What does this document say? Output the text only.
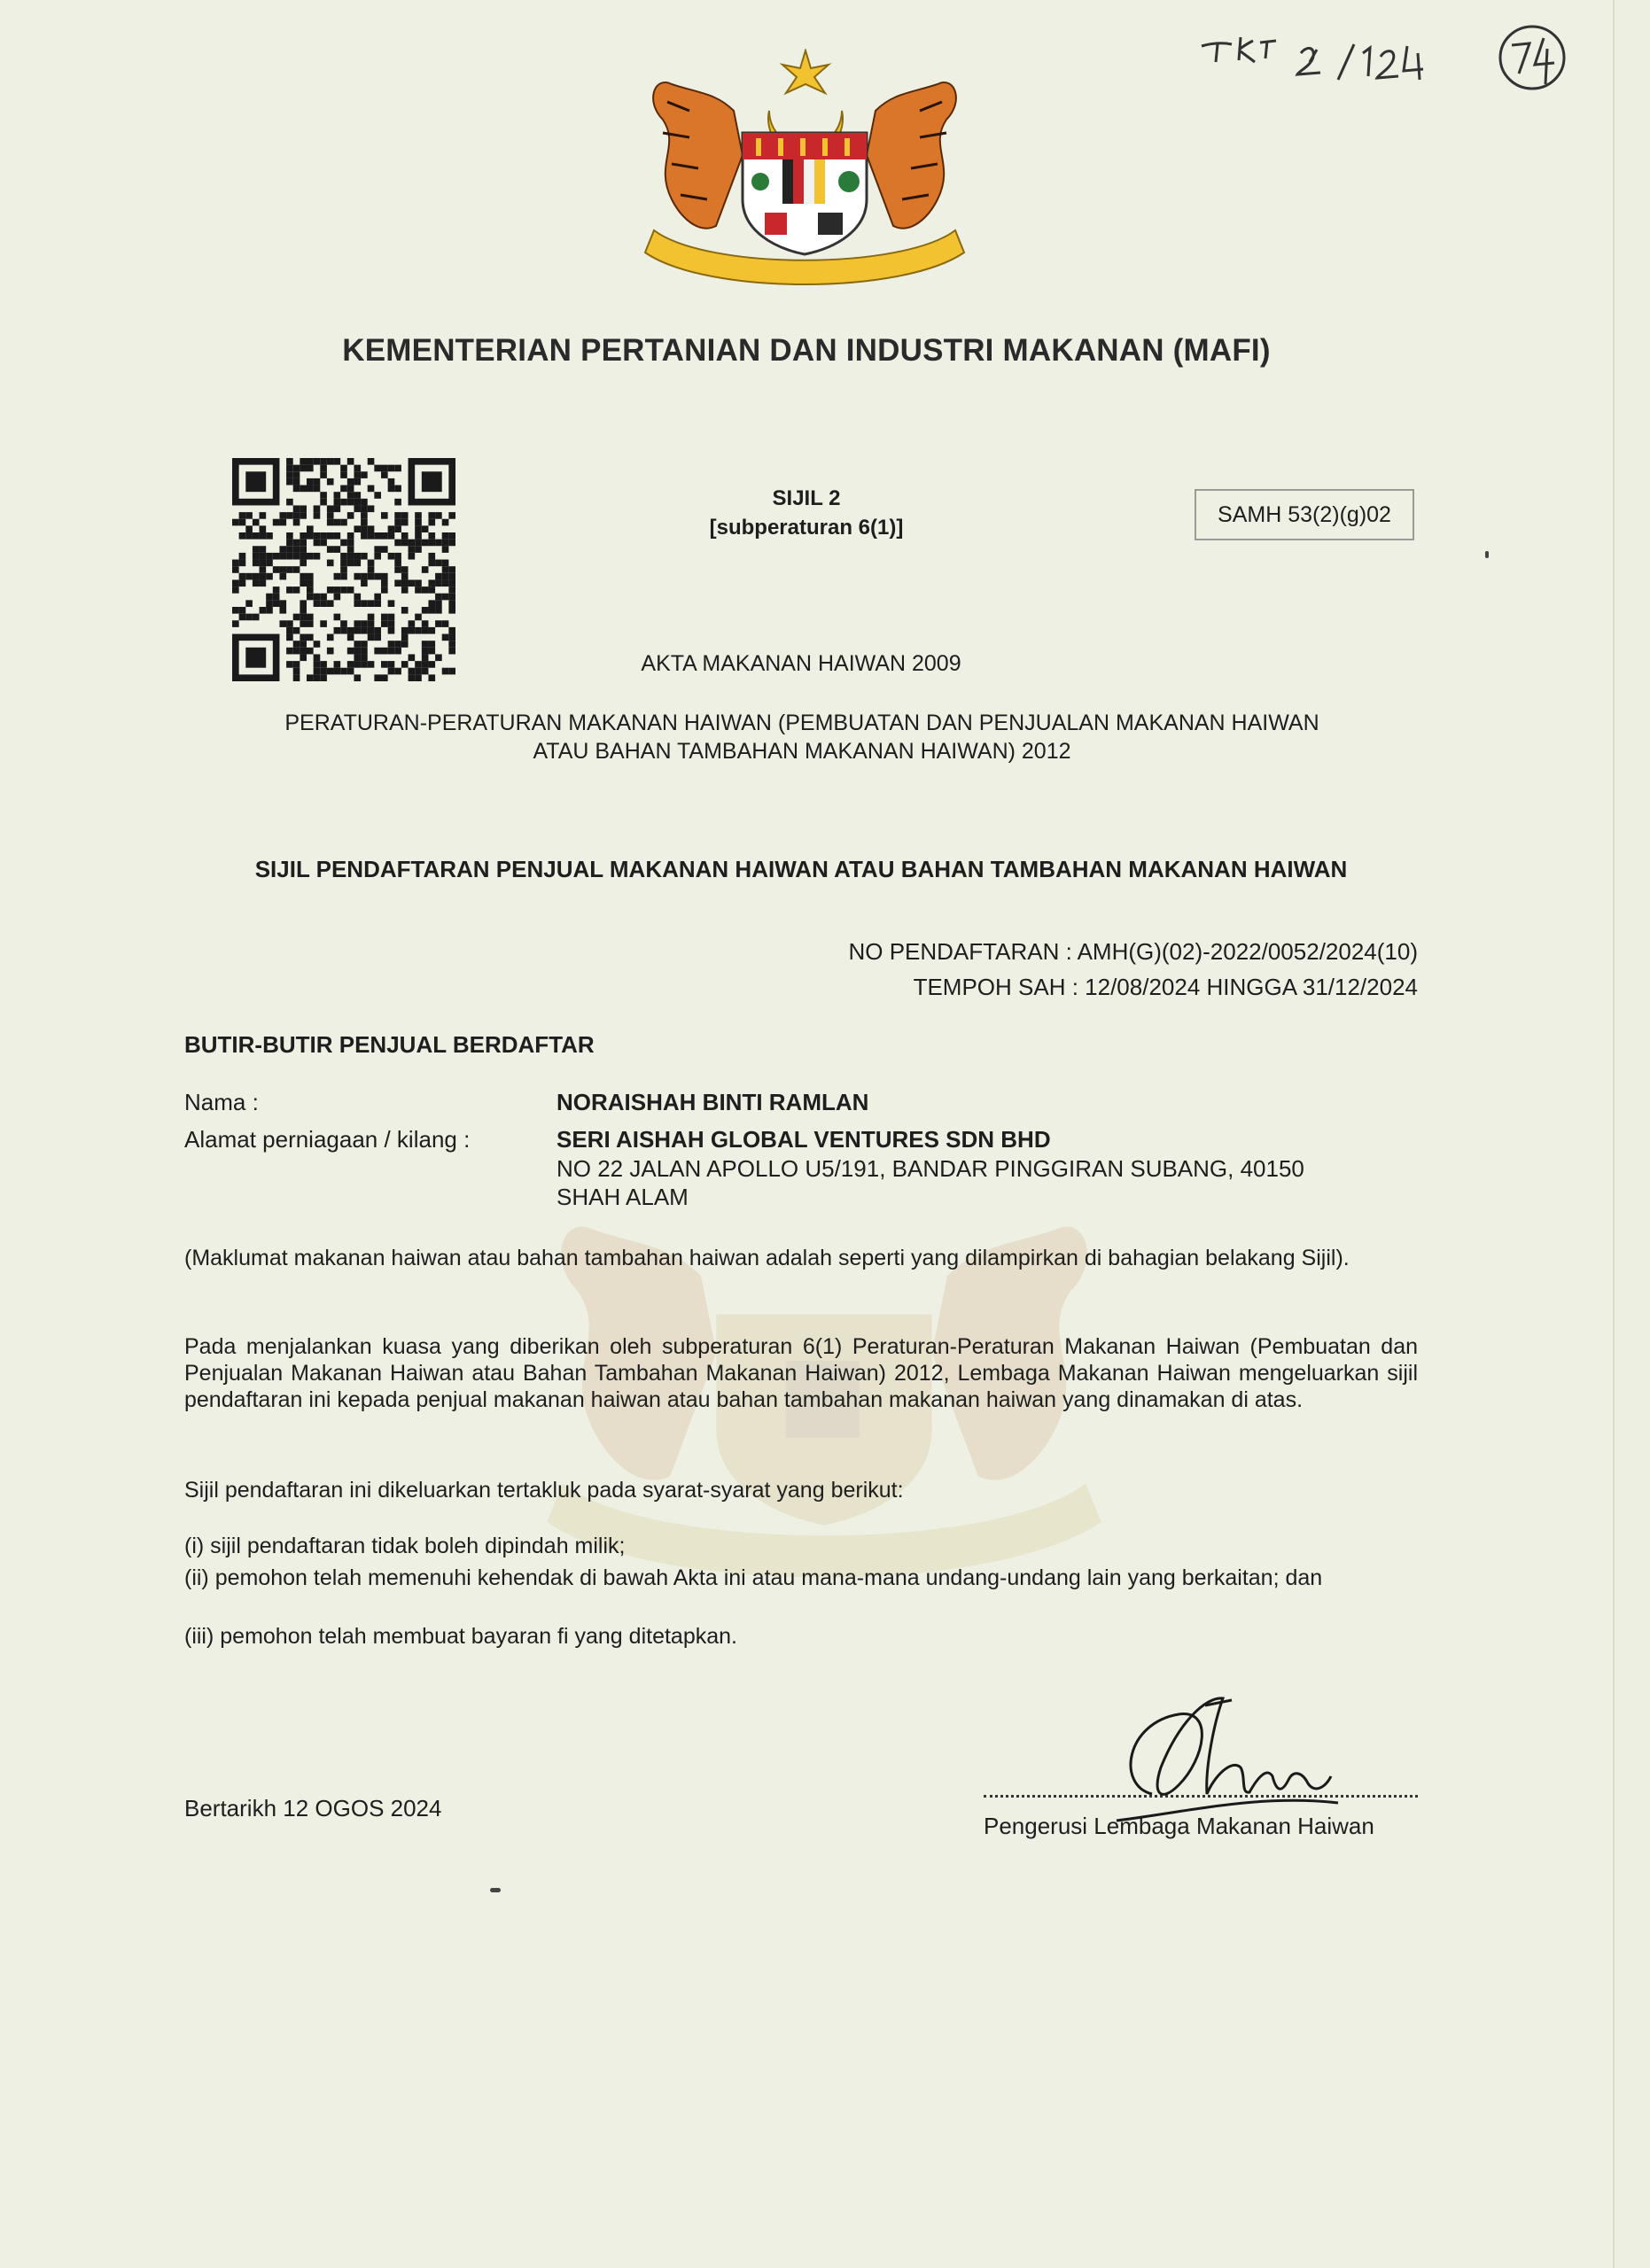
KEMENTERIAN PERTANIAN DAN INDUSTRI MAKANAN (MAFI)
SIJIL 2
[subperaturan 6(1)]
SAMH 53(2)(g)02
AKTA MAKANAN HAIWAN 2009
PERATURAN-PERATURAN MAKANAN HAIWAN (PEMBUATAN DAN PENJUALAN MAKANAN HAIWAN
ATAU BAHAN TAMBAHAN MAKANAN HAIWAN) 2012
SIJIL PENDAFTARAN PENJUAL MAKANAN HAIWAN ATAU BAHAN TAMBAHAN MAKANAN HAIWAN
NO PENDAFTARAN : AMH(G)(02)-2022/0052/2024(10)
TEMPOH SAH : 12/08/2024 HINGGA 31/12/2024
BUTIR-BUTIR PENJUAL BERDAFTAR
Nama :	NORAISHAH BINTI RAMLAN
Alamat perniagaan / kilang :	SERI AISHAH GLOBAL VENTURES SDN BHD
NO 22 JALAN APOLLO U5/191, BANDAR PINGGIRAN SUBANG, 40150
SHAH ALAM
(Maklumat makanan haiwan atau bahan tambahan haiwan adalah seperti yang dilampirkan di bahagian belakang Sijil).
Pada menjalankan kuasa yang diberikan oleh subperaturan 6(1) Peraturan-Peraturan Makanan Haiwan (Pembuatan dan Penjualan Makanan Haiwan atau Bahan Tambahan Makanan Haiwan) 2012, Lembaga Makanan Haiwan mengeluarkan sijil pendaftaran ini kepada penjual makanan haiwan atau bahan tambahan makanan haiwan yang dinamakan di atas.
Sijil pendaftaran ini dikeluarkan tertakluk pada syarat-syarat yang berikut:
(i) sijil pendaftaran tidak boleh dipindah milik;
(ii) pemohon telah memenuhi kehendak di bawah Akta ini atau mana-mana undang-undang lain yang berkaitan; dan
(iii) pemohon telah membuat bayaran fi yang ditetapkan.
Bertarikh 12 OGOS 2024
Pengerusi Lembaga Makanan Haiwan
